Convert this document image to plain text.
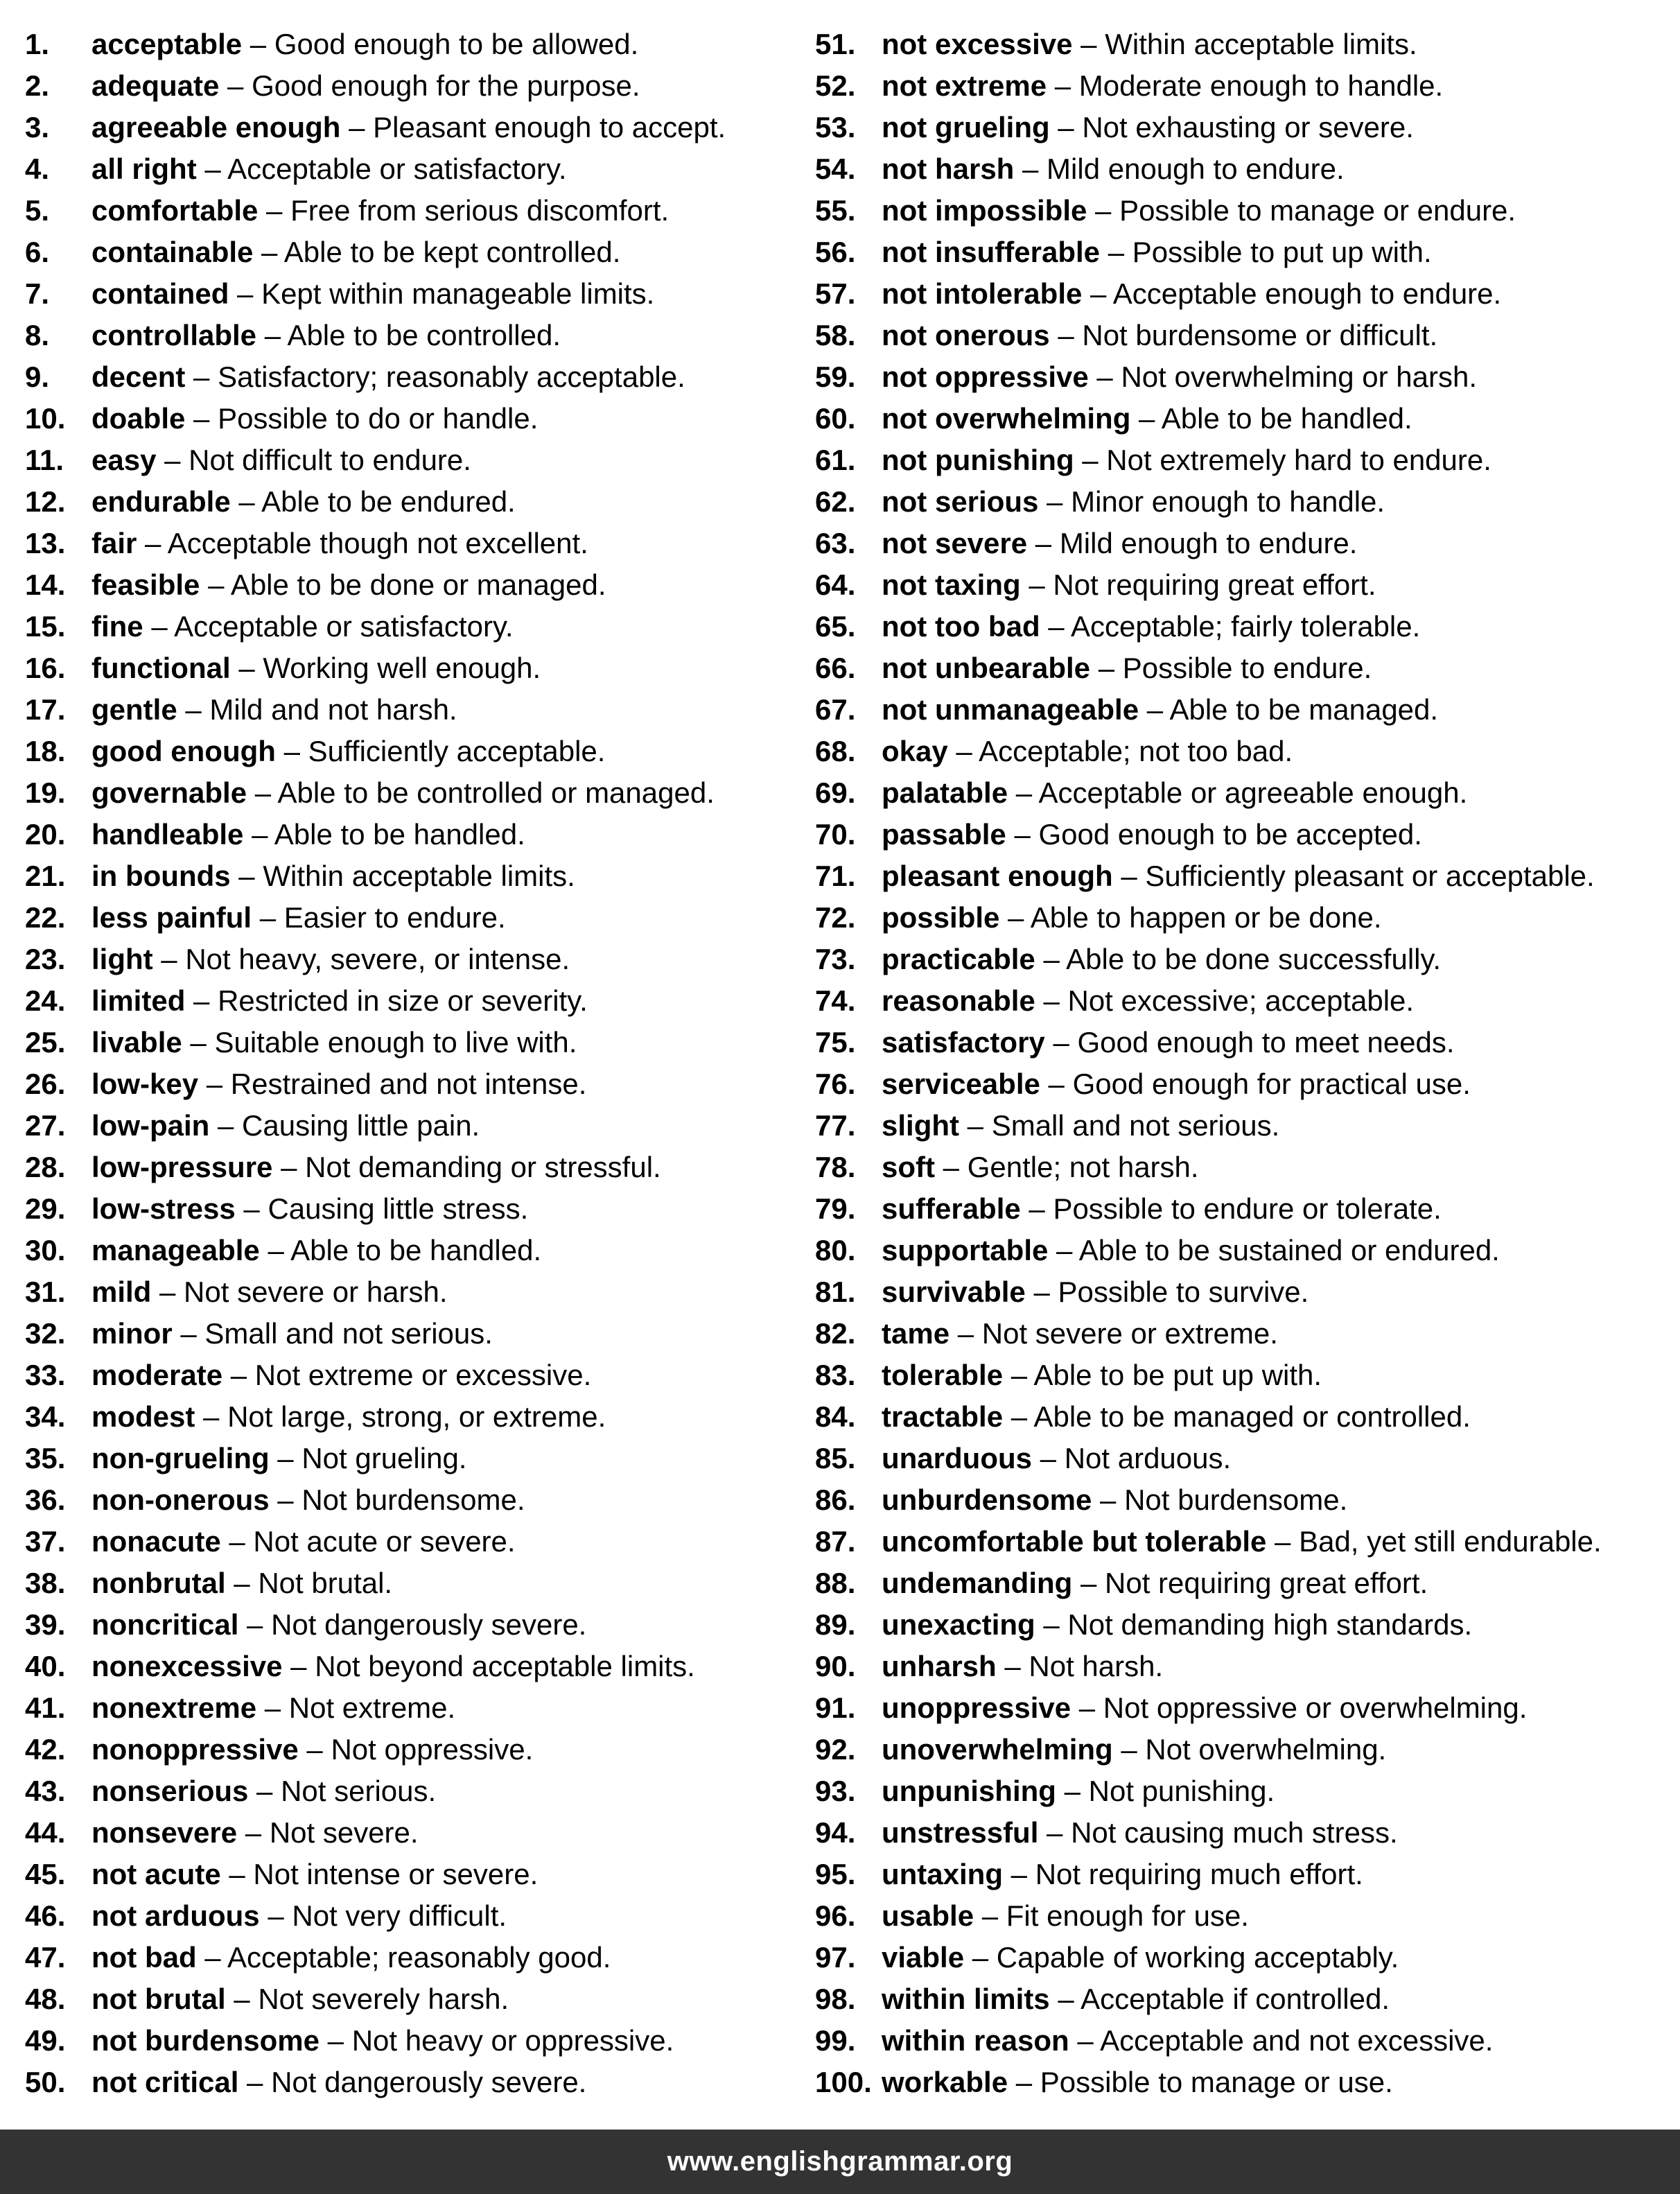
1.	acceptable – Good enough to be allowed.
2.	adequate – Good enough for the purpose.
3.	agreeable enough – Pleasant enough to accept.
4.	all right – Acceptable or satisfactory.
5.	comfortable – Free from serious discomfort.
6.	containable – Able to be kept controlled.
7.	contained – Kept within manageable limits.
8.	controllable – Able to be controlled.
9.	decent – Satisfactory; reasonably acceptable.
10. doable – Possible to do or handle.
11. easy – Not difficult to endure.
12. endurable – Able to be endured.
13. fair – Acceptable though not excellent.
14. feasible – Able to be done or managed.
15. fine – Acceptable or satisfactory.
16. functional – Working well enough.
17. gentle – Mild and not harsh.
18. good enough – Sufficiently acceptable.
19. governable – Able to be controlled or managed.
20. handleable – Able to be handled.
21. in bounds – Within acceptable limits.
22. less painful – Easier to endure.
23. light – Not heavy, severe, or intense.
24. limited – Restricted in size or severity.
25. livable – Suitable enough to live with.
26. low-key – Restrained and not intense.
27. low-pain – Causing little pain.
28. low-pressure – Not demanding or stressful.
29. low-stress – Causing little stress.
30. manageable – Able to be handled.
31. mild – Not severe or harsh.
32. minor – Small and not serious.
33. moderate – Not extreme or excessive.
34. modest – Not large, strong, or extreme.
35. non-grueling – Not grueling.
36. non-onerous – Not burdensome.
37. nonacute – Not acute or severe.
38. nonbrutal – Not brutal.
39. noncritical – Not dangerously severe.
40. nonexcessive – Not beyond acceptable limits.
41. nonextreme – Not extreme.
42. nonoppressive – Not oppressive.
43. nonserious – Not serious.
44. nonsevere – Not severe.
45. not acute – Not intense or severe.
46. not arduous – Not very difficult.
47. not bad – Acceptable; reasonably good.
48. not brutal – Not severely harsh.
49. not burdensome – Not heavy or oppressive.
50. not critical – Not dangerously severe.
51. not excessive – Within acceptable limits.
52. not extreme – Moderate enough to handle.
53. not grueling – Not exhausting or severe.
54. not harsh – Mild enough to endure.
55. not impossible – Possible to manage or endure.
56. not insufferable – Possible to put up with.
57. not intolerable – Acceptable enough to endure.
58. not onerous – Not burdensome or difficult.
59. not oppressive – Not overwhelming or harsh.
60. not overwhelming – Able to be handled.
61. not punishing – Not extremely hard to endure.
62. not serious – Minor enough to handle.
63. not severe – Mild enough to endure.
64. not taxing – Not requiring great effort.
65. not too bad – Acceptable; fairly tolerable.
66. not unbearable – Possible to endure.
67. not unmanageable – Able to be managed.
68. okay – Acceptable; not too bad.
69. palatable – Acceptable or agreeable enough.
70. passable – Good enough to be accepted.
71. pleasant enough – Sufficiently pleasant or acceptable.
72. possible – Able to happen or be done.
73. practicable – Able to be done successfully.
74. reasonable – Not excessive; acceptable.
75. satisfactory – Good enough to meet needs.
76. serviceable – Good enough for practical use.
77. slight – Small and not serious.
78. soft – Gentle; not harsh.
79. sufferable – Possible to endure or tolerate.
80. supportable – Able to be sustained or endured.
81. survivable – Possible to survive.
82. tame – Not severe or extreme.
83. tolerable – Able to be put up with.
84. tractable – Able to be managed or controlled.
85. unarduous – Not arduous.
86. unburdensome – Not burdensome.
87. uncomfortable but tolerable – Bad, yet still endurable.
88. undemanding – Not requiring great effort.
89. unexacting – Not demanding high standards.
90. unharsh – Not harsh.
91. unoppressive – Not oppressive or overwhelming.
92. unoverwhelming – Not overwhelming.
93. unpunishing – Not punishing.
94. unstressful – Not causing much stress.
95. untaxing – Not requiring much effort.
96. usable – Fit enough for use.
97. viable – Capable of working acceptably.
98. within limits – Acceptable if controlled.
99. within reason – Acceptable and not excessive.
100. workable – Possible to manage or use.
www.englishgrammar.org
